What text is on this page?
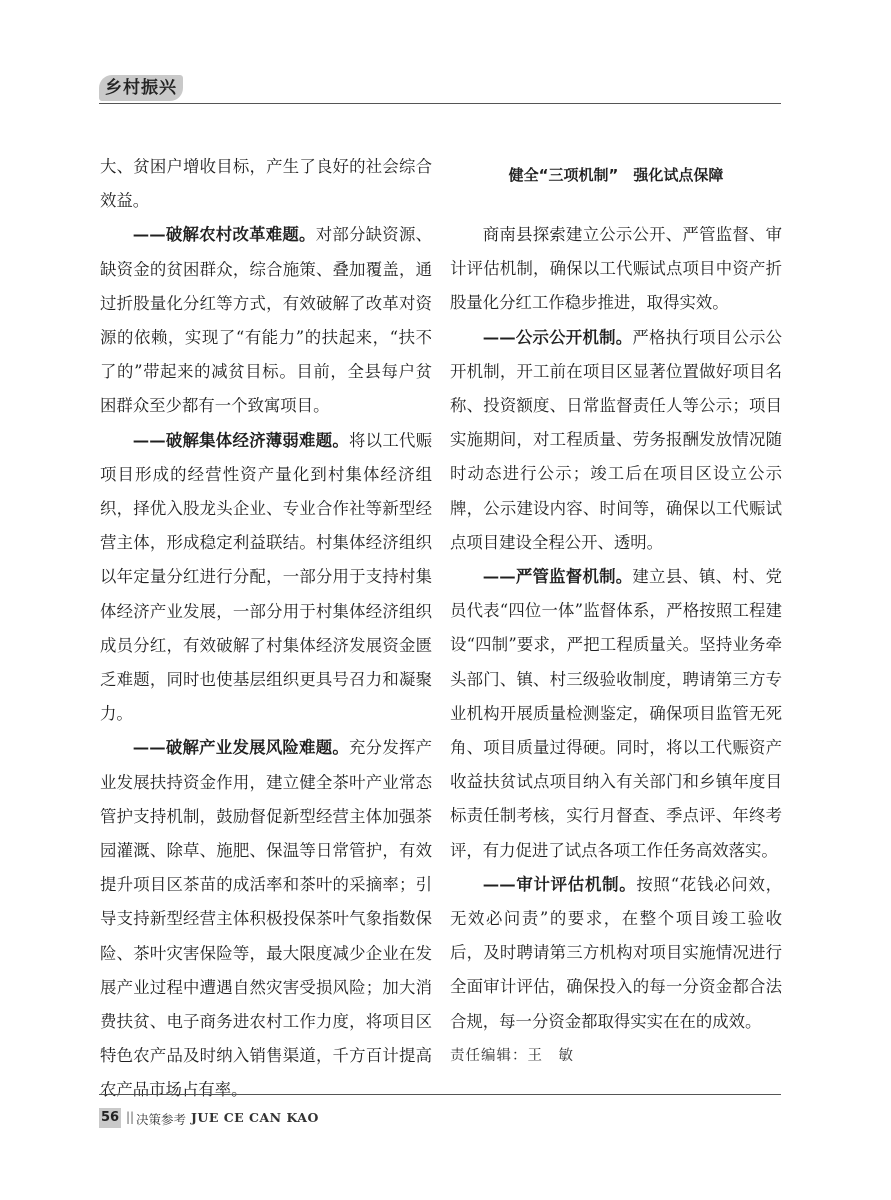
乡村振兴

大、贫困户增收目标，产生了良好的社会综合效益。

——破解农村改革难题。对部分缺资源、缺资金的贫困群众，综合施策、叠加覆盖，通过折股量化分红等方式，有效破解了改革对资源的依赖，实现了“有能力”的扶起来，“扶不了的”带起来的减贫目标。目前，全县每户贫困群众至少都有一个致寓项目。

——破解集体经济薄弱难题。将以工代赈项目形成的经营性资产量化到村集体经济组织，择优入股龙头企业、专业合作社等新型经营主体，形成稳定利益联结。村集体经济组织以年定量分红进行分配，一部分用于支持村集体经济产业发展，一部分用于村集体经济组织成员分红，有效破解了村集体经济发展资金匮乏难题，同时也使基层组织更具号召力和凝聚力。

——破解产业发展风险难题。充分发挥产业发展扶持资金作用，建立健全茶叶产业常态管护支持机制，鼓励督促新型经营主体加强茶园灌溉、除草、施肥、保温等日常管护，有效提升项目区茶苗的成活率和茶叶的采摘率；引导支持新型经营主体积极投保茶叶气象指数保险、茶叶灾害保险等，最大限度减少企业在发展产业过程中遭遇自然灾害受损风险；加大消费扶贫、电子商务进农村工作力度，将项目区特色农产品及时纳入销售渠道，千方百计提高农产品市场占有率。

健全“三项机制”　强化试点保障

商南县探索建立公示公开、严管监督、审计评估机制，确保以工代赈试点项目中资产折股量化分红工作稳步推进，取得实效。

——公示公开机制。严格执行项目公示公开机制，开工前在项目区显著位置做好项目名称、投资额度、日常监督责任人等公示；项目实施期间，对工程质量、劳务报酬发放情况随时动态进行公示；竣工后在项目区设立公示牌，公示建设内容、时间等，确保以工代赈试点项目建设全程公开、透明。

——严管监督机制。建立县、镇、村、党员代表“四位一体”监督体系，严格按照工程建设“四制”要求，严把工程质量关。坚持业务牵头部门、镇、村三级验收制度，聘请第三方专业机构开展质量检测鉴定，确保项目监管无死角、项目质量过得硬。同时，将以工代赈资产收益扶贫试点项目纳入有关部门和乡镇年度目标责任制考核，实行月督查、季点评、年终考评，有力促进了试点各项工作任务高效落实。

——审计评估机制。按照“花钱必问效，无效必问责”的要求，在整个项目竣工验收后，及时聘请第三方机构对项目实施情况进行全面审计评估，确保投入的每一分资金都合法合规，每一分资金都取得实实在在的成效。

责任编辑：王　敏

56 || 决策参考 JUE CE CAN KAO
